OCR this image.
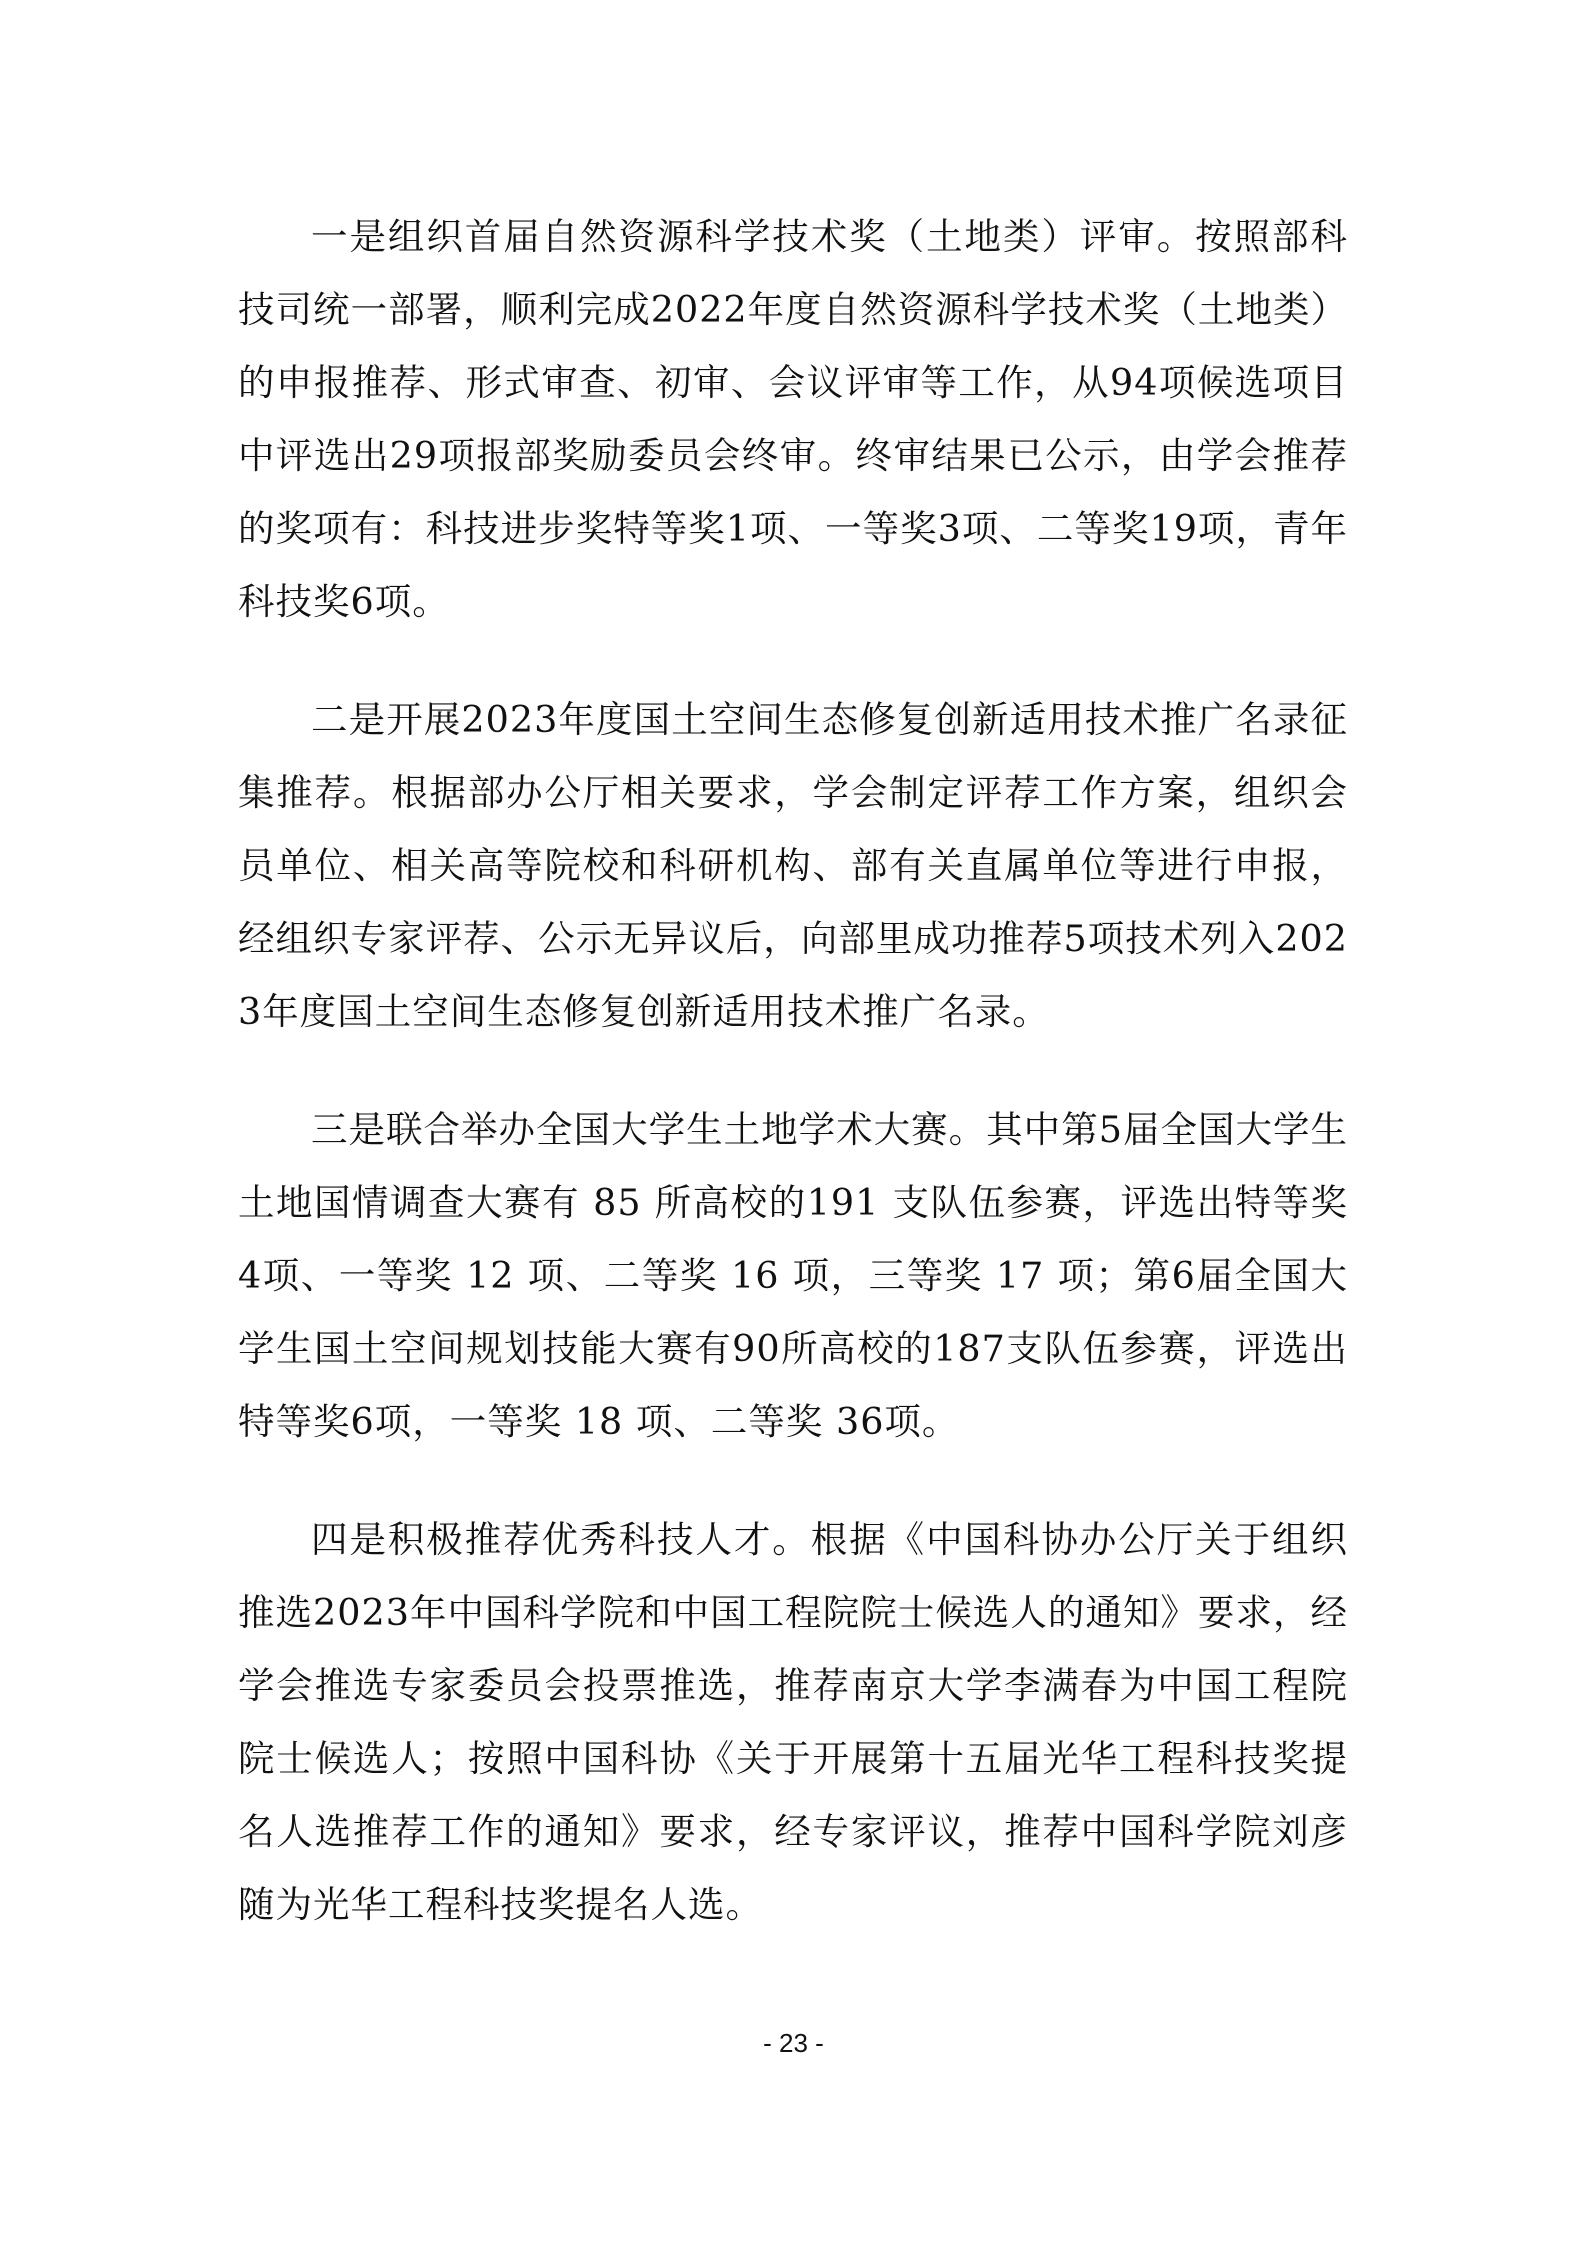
一是组织首届自然资源科学技术奖（土地类）评审。按照部科技司统一部署，顺利完成2022年度自然资源科学技术奖（土地类）的申报推荐、形式审查、初审、会议评审等工作，从94项候选项目中评选出29项报部奖励委员会终审。终审结果已公示，由学会推荐的奖项有：科技进步奖特等奖1项、一等奖3项、二等奖19项，青年科技奖6项。

二是开展2023年度国土空间生态修复创新适用技术推广名录征集推荐。根据部办公厅相关要求，学会制定评荐工作方案，组织会员单位、相关高等院校和科研机构、部有关直属单位等进行申报，经组织专家评荐、公示无异议后，向部里成功推荐5项技术列入2023年度国土空间生态修复创新适用技术推广名录。

三是联合举办全国大学生土地学术大赛。其中第5届全国大学生土地国情调查大赛有 85 所高校的191 支队伍参赛，评选出特等奖 4项、一等奖 12 项、二等奖 16 项，三等奖 17 项；第6届全国大学生国土空间规划技能大赛有90所高校的187支队伍参赛，评选出特等奖6项，一等奖 18 项、二等奖 36项。

四是积极推荐优秀科技人才。根据《中国科协办公厅关于组织推选2023年中国科学院和中国工程院院士候选人的通知》要求，经学会推选专家委员会投票推选，推荐南京大学李满春为中国工程院院士候选人；按照中国科协《关于开展第十五届光华工程科技奖提名人选推荐工作的通知》要求，经专家评议，推荐中国科学院刘彦随为光华工程科技奖提名人选。

- 23 -
